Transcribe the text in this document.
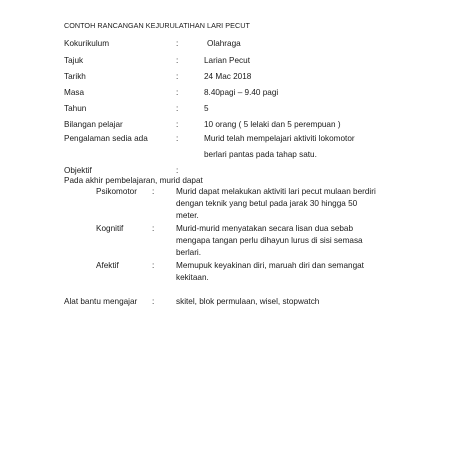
CONTOH RANCANGAN KEJURULATIHAN LARI PECUT
Kokurikulum	:	Olahraga
Tajuk	:	Larian Pecut
Tarikh	:	24 Mac 2018
Masa	:	8.40pagi – 9.40 pagi
Tahun	:	5
Bilangan pelajar	:	10 orang ( 5 lelaki dan 5 perempuan )
Pengalaman sedia ada	:	Murid telah mempelajari aktiviti lokomotor
berlari pantas pada tahap satu.
Objektif	:
Pada akhir pembelajaran, murid dapat
Psikomotor :	Murid dapat melakukan aktiviti lari pecut mulaan berdiri
dengan teknik yang betul pada jarak 30 hingga 50
meter.
Kognitif	:	Murid-murid menyatakan secara lisan dua sebab
mengapa tangan perlu dihayun lurus di sisi semasa
berlari.
Afektif	:	Memupuk keyakinan diri, maruah diri dan semangat
kekitaan.
Alat bantu mengajar :	skitel, blok permulaan, wisel, stopwatch
